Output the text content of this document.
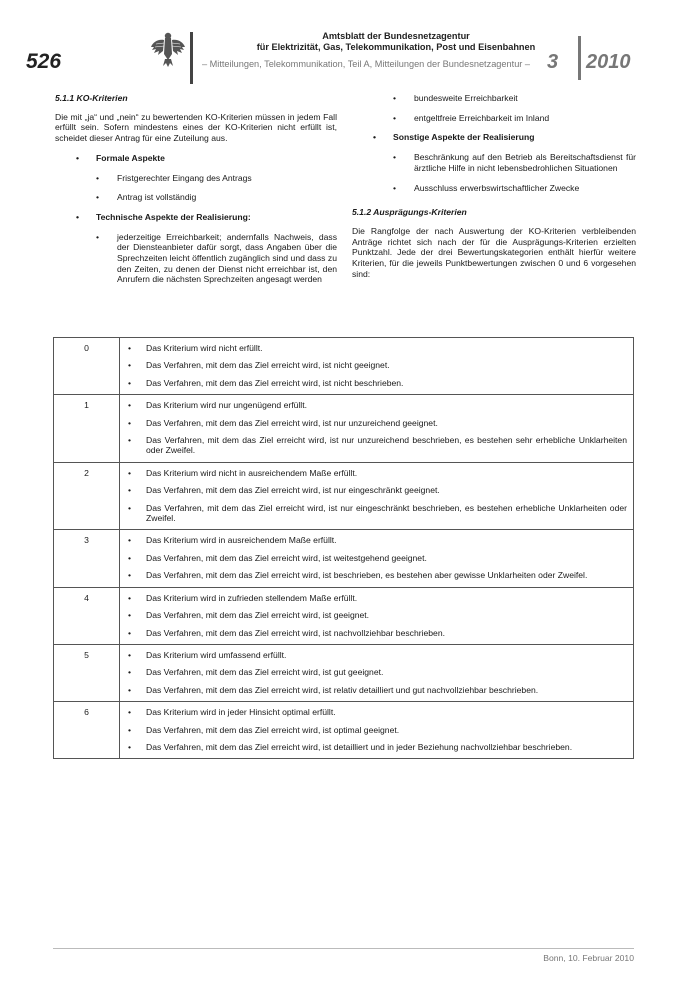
526
Amtsblatt der Bundesnetzagentur
für Elektrizität, Gas, Telekommunikation, Post und Eisenbahnen
– Mitteilungen, Telekommunikation, Teil A, Mitteilungen der Bundesnetzagentur – 3 2010
5.1.1 KO-Kriterien
Die mit „ja“ und „nein“ zu bewertenden KO-Kriterien müssen in jedem Fall erfüllt sein. Sofern mindestens eines der KO-Kriterien nicht erfüllt ist, scheidet dieser Antrag für eine Zuteilung aus.
• Formale Aspekte
• Fristgerechter Eingang des Antrags
• Antrag ist vollständig
• Technische Aspekte der Realisierung:
• jederzeitige Erreichbarkeit; andernfalls Nachweis, dass der Diensteanbieter dafür sorgt, dass Angaben über die Sprechzeiten leicht öffentlich zugänglich sind und dass zu den Zeiten, zu denen der Dienst nicht erreichbar ist, den Anrufern die nächsten Sprechzeiten angesagt werden
• bundesweite Erreichbarkeit
• entgeltfreie Erreichbarkeit im Inland
• Sonstige Aspekte der Realisierung
• Beschränkung auf den Betrieb als Bereitschaftsdienst für ärztliche Hilfe in nicht lebensbedrohlichen Situationen
• Ausschluss erwerbswirtschaftlicher Zwecke
5.1.2 Ausprägungs-Kriterien
Die Rangfolge der nach Auswertung der KO-Kriterien verbleibenden Anträge richtet sich nach der für die Ausprägungs-Kriterien erzielten Punktzahl. Jede der drei Bewertungskategorien enthält hierfür weitere Kriterien, für die jeweils Punktbewertungen zwischen 0 und 6 vorgesehen sind:
0	• Das Kriterium wird nicht erfüllt.
• Das Verfahren, mit dem das Ziel erreicht wird, ist nicht geeignet.
• Das Verfahren, mit dem das Ziel erreicht wird, ist nicht beschrieben.

1	• Das Kriterium wird nur ungenügend erfüllt.
• Das Verfahren, mit dem das Ziel erreicht wird, ist nur unzureichend geeignet.
• Das Verfahren, mit dem das Ziel erreicht wird, ist nur unzureichend beschrieben, es bestehen sehr erhebliche Unklarheiten oder Zweifel.

2	• Das Kriterium wird nicht in ausreichendem Maße erfüllt.
• Das Verfahren, mit dem das Ziel erreicht wird, ist nur eingeschränkt geeignet.
• Das Verfahren, mit dem das Ziel erreicht wird, ist nur eingeschränkt beschrieben, es bestehen erhebliche Unklarheiten oder Zweifel.

3	• Das Kriterium wird in ausreichendem Maße erfüllt.
• Das Verfahren, mit dem das Ziel erreicht wird, ist weitestgehend geeignet.
• Das Verfahren, mit dem das Ziel erreicht wird, ist beschrieben, es bestehen aber gewisse Unklarheiten oder Zweifel.

4	• Das Kriterium wird in zufrieden stellendem Maße erfüllt.
• Das Verfahren, mit dem das Ziel erreicht wird, ist geeignet.
• Das Verfahren, mit dem das Ziel erreicht wird, ist nachvollziehbar beschrieben.

5	• Das Kriterium wird umfassend erfüllt.
• Das Verfahren, mit dem das Ziel erreicht wird, ist gut geeignet.
• Das Verfahren, mit dem das Ziel erreicht wird, ist relativ detailliert und gut nachvollziehbar beschrieben.

6	• Das Kriterium wird in jeder Hinsicht optimal erfüllt.
• Das Verfahren, mit dem das Ziel erreicht wird, ist optimal geeignet.
• Das Verfahren, mit dem das Ziel erreicht wird, ist detailliert und in jeder Beziehung nachvollziehbar beschrieben.
Bonn, 10. Februar 2010
